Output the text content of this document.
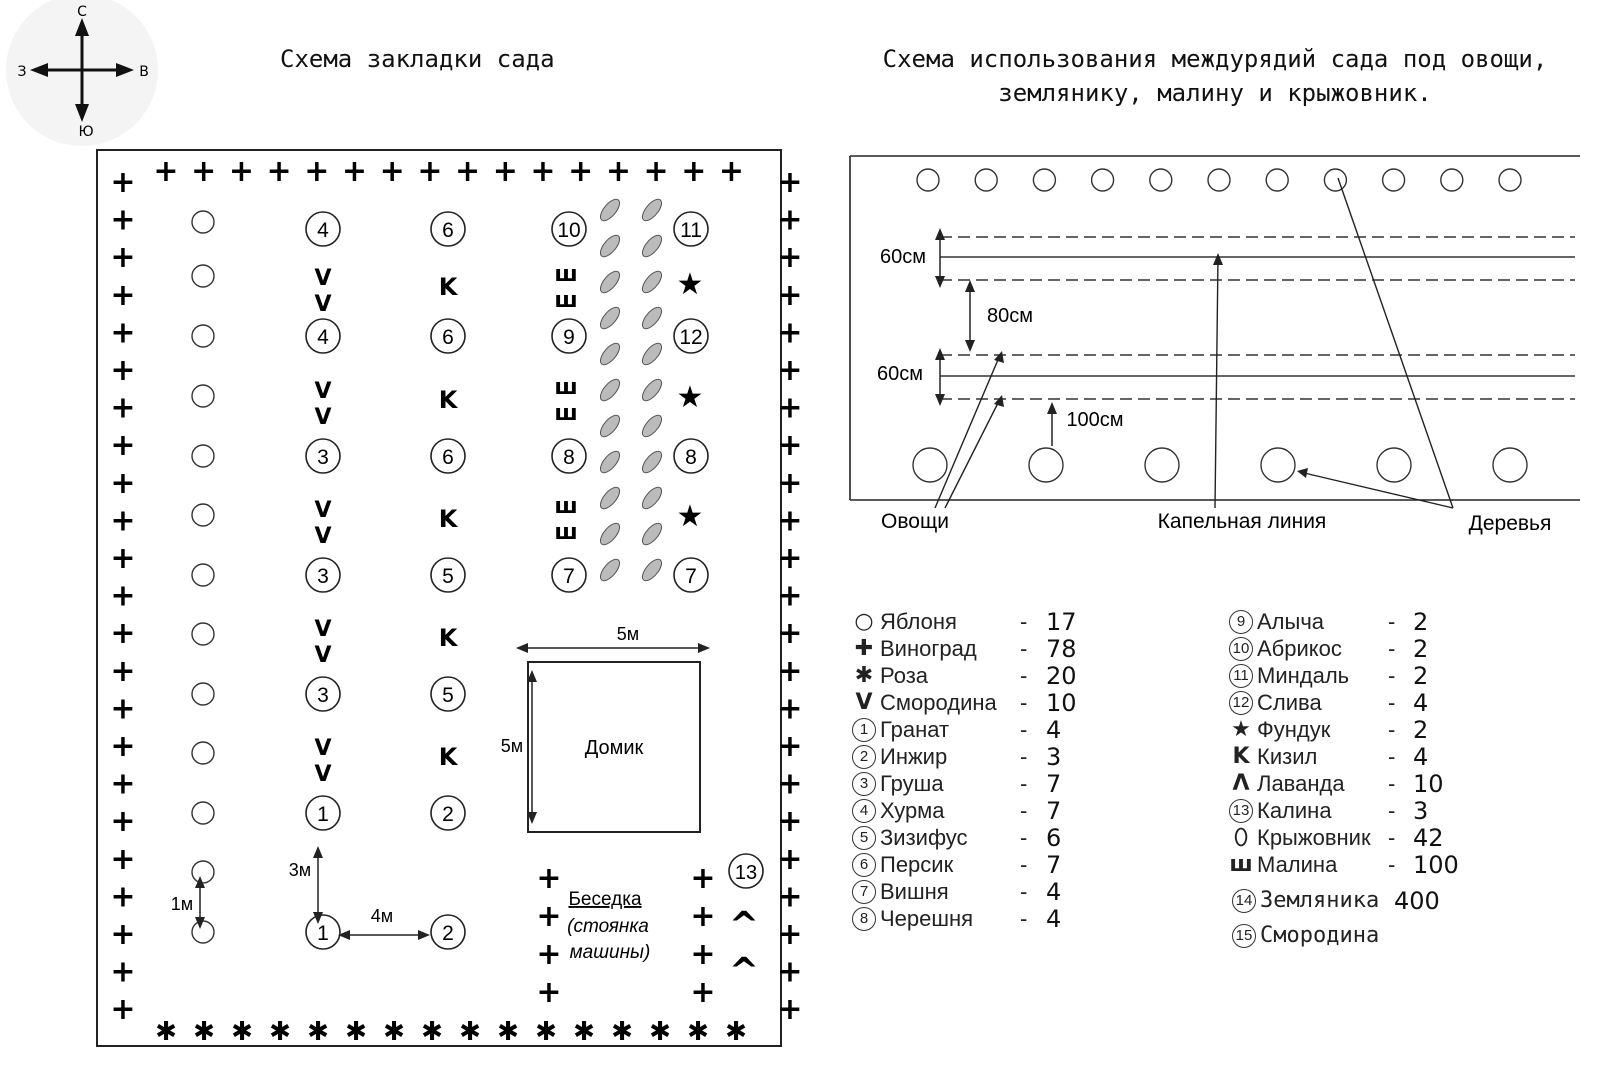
С
Ю
З	В	Схема закладки сада	Схема использования междурядий сада под овощи,
землянику, малину и крыжовник.
+ + + + + + + + + + + + + + + +
+
+
+
+
+
+
+
+
+
+
+
+
+
+
+
+
+
+
+
+
+
+
+
+
+
+
+
+
+
+
+
+
+
+
+
+
+
+
+
+
+
+
+
+
+
+
✱ ✱ ✱ ✱ ✱ ✱ ✱ ✱ ✱ ✱ ✱ ✱ ✱ ✱ ✱ ✱
4
V
V
4
V
V
3
V
V
3
V
V
3
V
V
1
1
6
K
6
K
6
K
5
K
5
K
2
2
10
ш
ш
9
ш
ш
8
ш
ш
7
11
★
12
★
8
★
7
Домик
5м
5м
Беседка
(стоянка
машины)
+	+
+	+
+	+
+	+
3м
4м
1м
13
^
^
60см
80см
60см
100см
Овощи	Капельная линия	Деревья
○ Яблоня	- 17
✚ Виноград - 78
✱ Роза	- 20
V Смородина - 10
1 Гранат	- 4
2 Инжир	- 3
3 Груша	- 7
4 Хурма	- 7
5 Зизифус - 6
6 Персик	- 7
7 Вишня	- 4
8 Черешня - 4
9 Алыча	- 2
10 Абрикос - 2
11 Миндаль - 2
12 Слива	- 4
★ Фундук	- 2
K Кизил	- 4
Λ Лаванда - 10
13 Калина	- 3
⬯ Крыжовник - 42
ш Малина - 100
14 Земляника 400
15 Смородина
